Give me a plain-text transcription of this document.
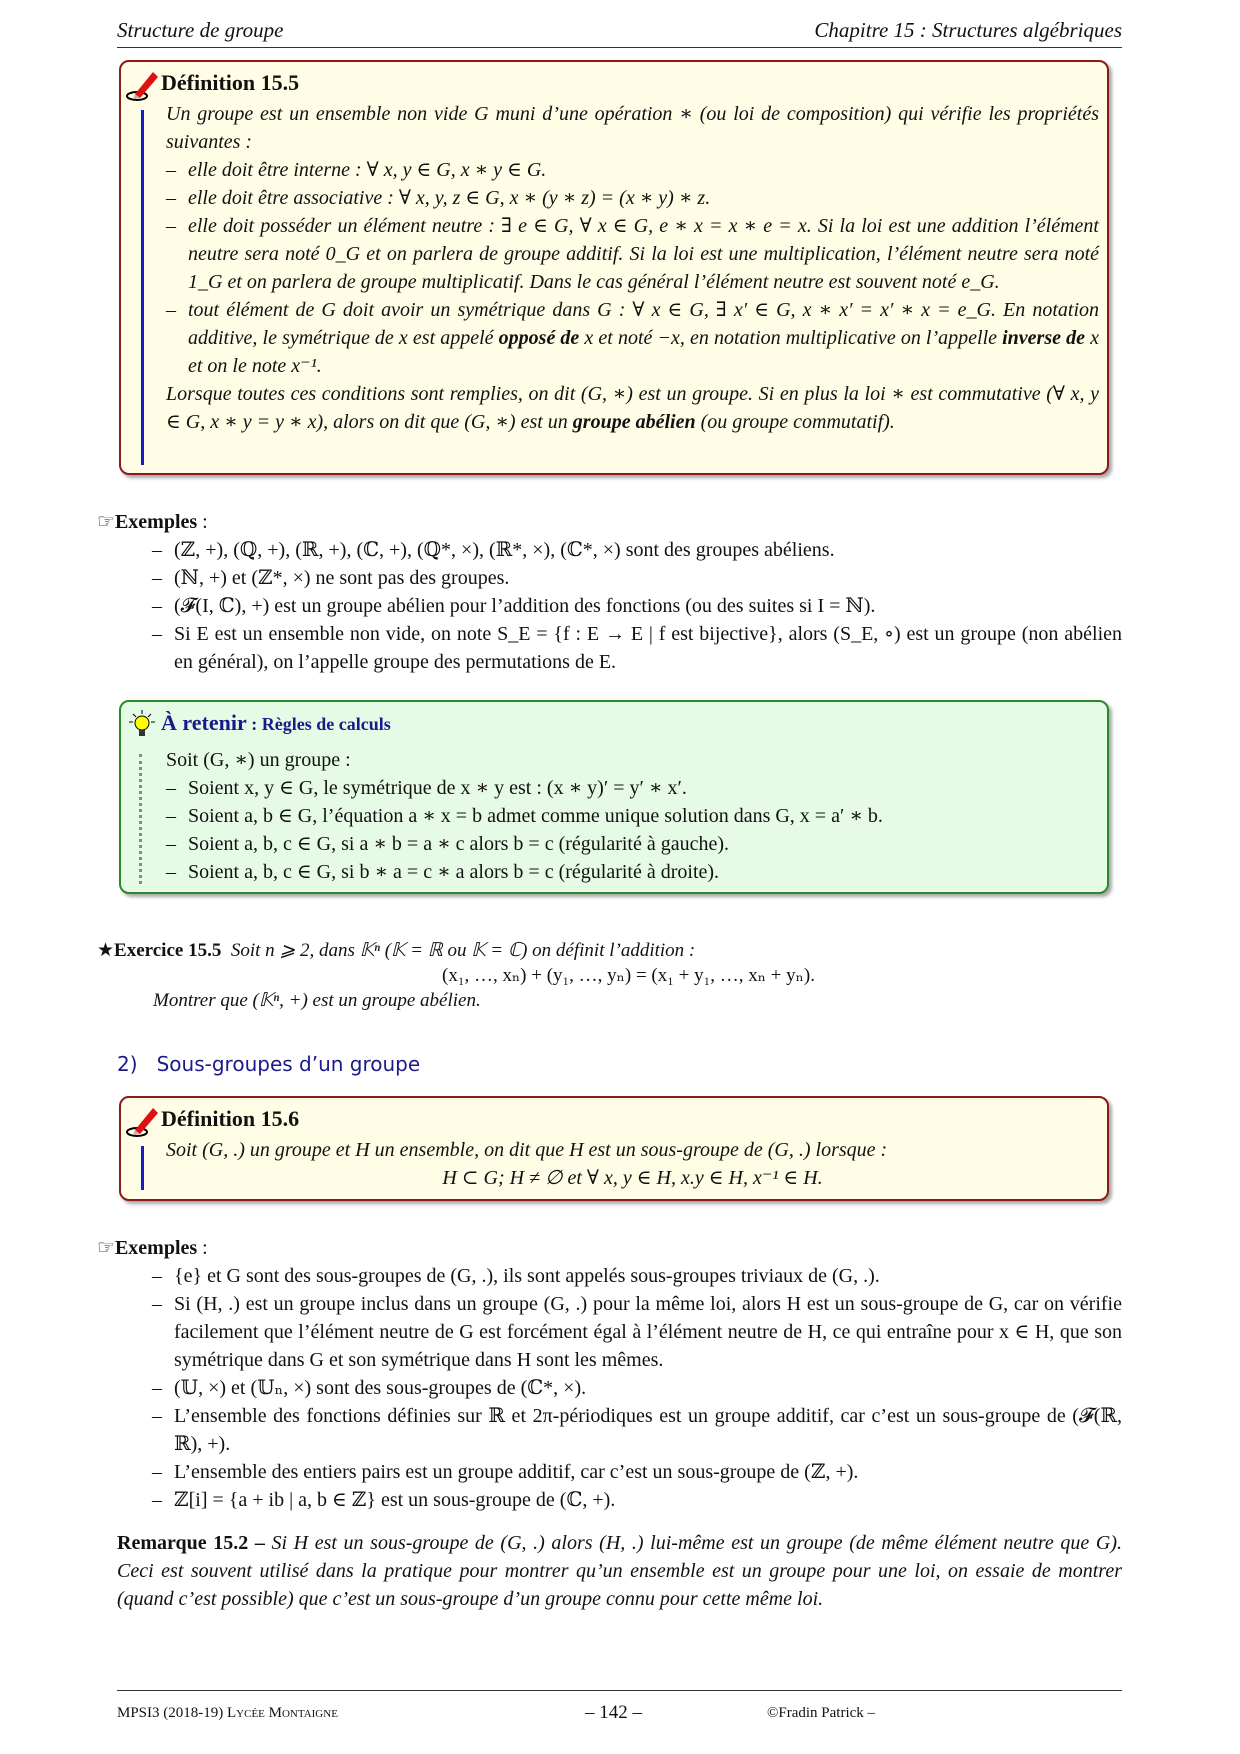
Structure de groupe	Chapitre 15 : Structures algébriques
Définition 15.5
Un groupe est un ensemble non vide G muni d’une opération ∗ (ou loi de composition) qui vérifie les propriétés suivantes :
– elle doit être interne : ∀ x, y ∈ G, x ∗ y ∈ G.
– elle doit être associative : ∀ x, y, z ∈ G, x ∗ (y ∗ z) = (x ∗ y) ∗ z.
– elle doit posséder un élément neutre : ∃ e ∈ G, ∀ x ∈ G, e ∗ x = x ∗ e = x. Si la loi est une addition l’élément neutre sera noté 0_G et on parlera de groupe additif. Si la loi est une multiplication, l’élément neutre sera noté 1_G et on parlera de groupe multiplicatif. Dans le cas général l’élément neutre est souvent noté e_G.
– tout élément de G doit avoir un symétrique dans G : ∀ x ∈ G, ∃ x′ ∈ G, x ∗ x′ = x′ ∗ x = e_G. En notation additive, le symétrique de x est appelé opposé de x et noté −x, en notation multiplicative on l’appelle inverse de x et on le note x⁻¹.
Lorsque toutes ces conditions sont remplies, on dit (G, ∗) est un groupe. Si en plus la loi ∗ est commutative (∀ x, y ∈ G, x ∗ y = y ∗ x), alors on dit que (G, ∗) est un groupe abélien (ou groupe commutatif).
☞Exemples :
– (ℤ, +), (ℚ, +), (ℝ, +), (ℂ, +), (ℚ*, ×), (ℝ*, ×), (ℂ*, ×) sont des groupes abéliens.
– (ℕ, +) et (ℤ*, ×) ne sont pas des groupes.
– (𝓕(I, ℂ), +) est un groupe abélien pour l’addition des fonctions (ou des suites si I = ℕ).
– Si E est un ensemble non vide, on note S_E = {f : E → E | f est bijective}, alors (S_E, ∘) est un groupe (non abélien en général), on l’appelle groupe des permutations de E.
À retenir : Règles de calculs
Soit (G, ∗) un groupe :
– Soient x, y ∈ G, le symétrique de x ∗ y est : (x ∗ y)′ = y′ ∗ x′.
– Soient a, b ∈ G, l’équation a ∗ x = b admet comme unique solution dans G, x = a′ ∗ b.
– Soient a, b, c ∈ G, si a ∗ b = a ∗ c alors b = c (régularité à gauche).
– Soient a, b, c ∈ G, si b ∗ a = c ∗ a alors b = c (régularité à droite).
★Exercice 15.5 Soit n ⩾ 2, dans 𝕂ⁿ (𝕂 = ℝ ou 𝕂 = ℂ) on définit l’addition :
(x₁, …, xₙ) + (y₁, …, yₙ) = (x₁ + y₁, …, xₙ + yₙ).
Montrer que (𝕂ⁿ, +) est un groupe abélien.
2) Sous-groupes d’un groupe
Définition 15.6
Soit (G, .) un groupe et H un ensemble, on dit que H est un sous-groupe de (G, .) lorsque :
H ⊂ G; H ≠ ∅ et ∀ x, y ∈ H, x.y ∈ H, x⁻¹ ∈ H.
☞Exemples :
– {e} et G sont des sous-groupes de (G, .), ils sont appelés sous-groupes triviaux de (G, .).
– Si (H, .) est un groupe inclus dans un groupe (G, .) pour la même loi, alors H est un sous-groupe de G, car on vérifie facilement que l’élément neutre de G est forcément égal à l’élément neutre de H, ce qui entraîne pour x ∈ H, que son symétrique dans G et son symétrique dans H sont les mêmes.
– (𝕌, ×) et (𝕌ₙ, ×) sont des sous-groupes de (ℂ*, ×).
– L’ensemble des fonctions définies sur ℝ et 2π-périodiques est un groupe additif, car c’est un sous-groupe de (𝓕(ℝ, ℝ), +).
– L’ensemble des entiers pairs est un groupe additif, car c’est un sous-groupe de (ℤ, +).
– ℤ[i] = {a + ib | a, b ∈ ℤ} est un sous-groupe de (ℂ, +).
Remarque 15.2 – Si H est un sous-groupe de (G, .) alors (H, .) lui-même est un groupe (de même élément neutre que G). Ceci est souvent utilisé dans la pratique pour montrer qu’un ensemble est un groupe pour une loi, on essaie de montrer (quand c’est possible) que c’est un sous-groupe d’un groupe connu pour cette même loi.
MPSI3 (2018-19) Lycée Montaigne	– 142 –	©Fradin Patrick –
